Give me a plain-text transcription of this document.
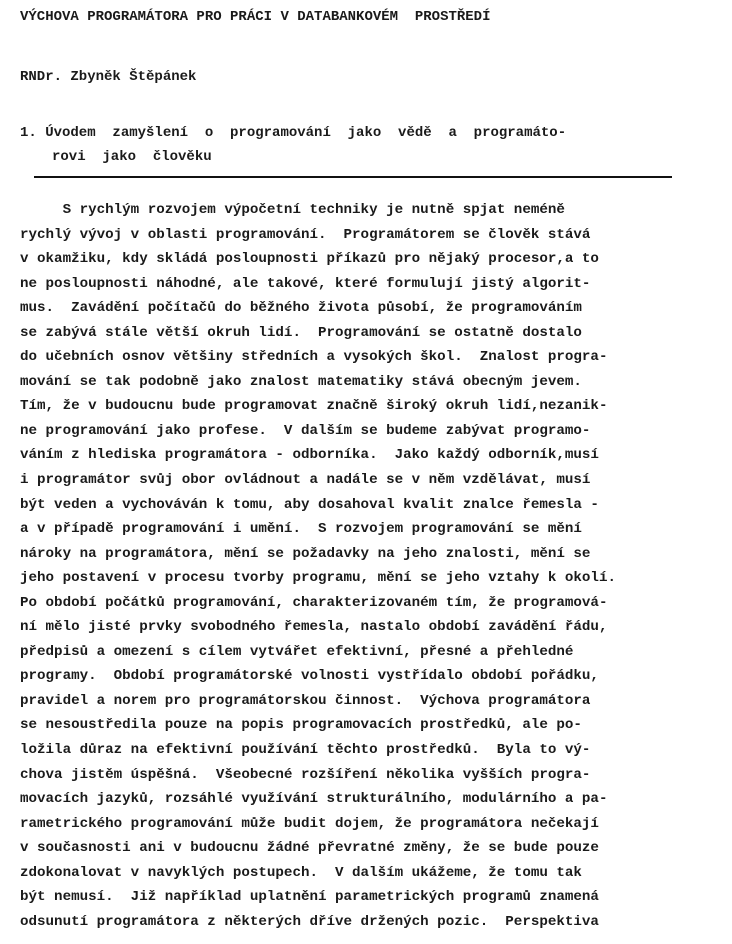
VÝCHOVA PROGRAMÁTORA PRO PRÁCI V DATABANKOVÉM  PROSTŘEDÍ
RNDr. Zbyněk Štěpánek
1. Úvodem  zamyšlení  o  programování  jako  vědě  a  programáto-
rovi  jako  člověku
S rychlým rozvojem výpočetní techniky je nutně spjat neméně
rychlý vývoj v oblasti programování.  Programátorem se člověk stává
v okamžiku, kdy skládá posloupnosti příkazů pro nějaký procesor,a to
ne posloupnosti náhodné, ale takové, které formulují jistý algorit-
mus.  Zavádění počítačů do běžného života působí, že programováním
se zabývá stále větší okruh lidí.  Programování se ostatně dostalo
do učebních osnov většiny středních a vysokých škol.  Znalost progra-
mování se tak podobně jako znalost matematiky stává obecným jevem.
Tím, že v budoucnu bude programovat značně široký okruh lidí,nezanik-
ne programování jako profese.  V dalším se budeme zabývat programo-
váním z hlediska programátora - odborníka.  Jako každý odborník,musí
i programátor svůj obor ovládnout a nadále se v něm vzdělávat, musí
být veden a vychováván k tomu, aby dosahoval kvalit znalce řemesla -
a v případě programování i umění.  S rozvojem programování se mění
nároky na programátora, mění se požadavky na jeho znalosti, mění se
jeho postavení v procesu tvorby programu, mění se jeho vztahy k okolí.
Po období počátků programování, charakterizovaném tím, že programová-
ní mělo jisté prvky svobodného řemesla, nastalo období zavádění řádu,
předpisů a omezení s cílem vytvářet efektivní, přesné a přehledné
programy.  Období programátorské volnosti vystřídalo období pořádku,
pravidel a norem pro programátorskou činnost.  Výchova programátora
se nesoustředila pouze na popis programovacích prostředků, ale po-
ložila důraz na efektivní používání těchto prostředků.  Byla to vý-
chova jistěm úspěšná.  Všeobecné rozšíření několika vyšších progra-
movacích jazyků, rozsáhlé využívání strukturálního, modulárního a pa-
rametrického programování může budit dojem, že programátora nečekají
v současnosti ani v budoucnu žádné převratné změny, že se bude pouze
zdokonalovat v navyklých postupech.  V dalším ukážeme, že tomu tak
být nemusí.  Již například uplatnění parametrických programů znamená
odsunutí programátora z některých dříve držených pozic.  Perspektiva
